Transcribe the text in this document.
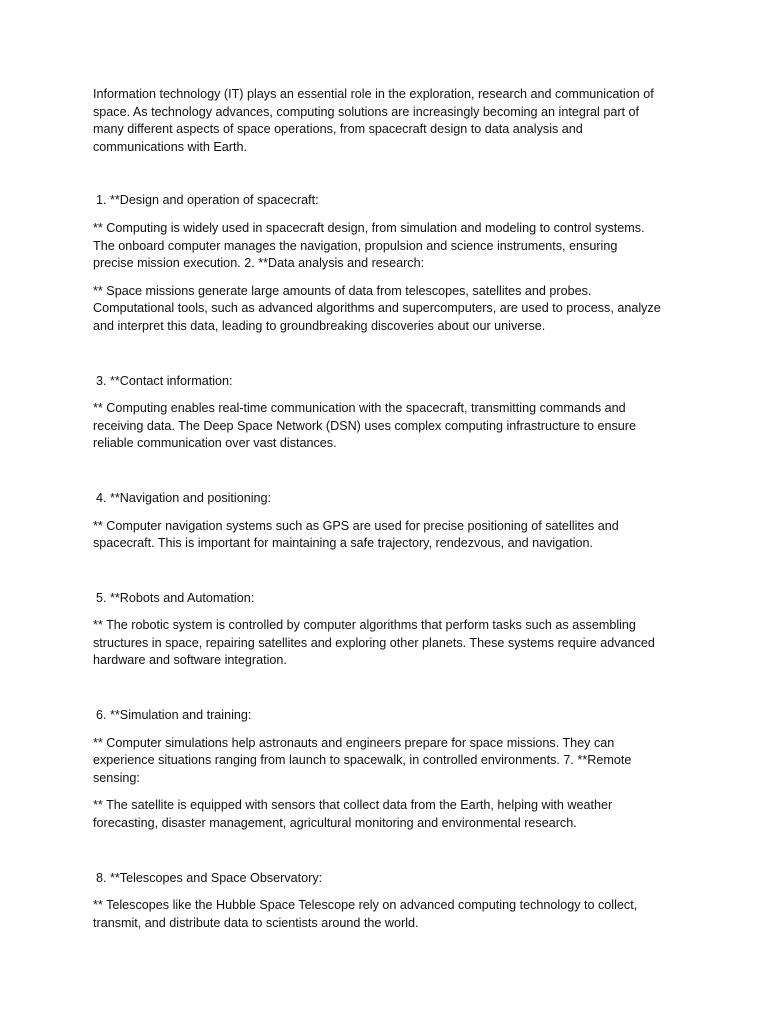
Information technology (IT) plays an essential role in the exploration, research and communication of
space. As technology advances, computing solutions are increasingly becoming an integral part of
many different aspects of space operations, from spacecraft design to data analysis and
communications with Earth.

1. **Design and operation of spacecraft:

** Computing is widely used in spacecraft design, from simulation and modeling to control systems.
The onboard computer manages the navigation, propulsion and science instruments, ensuring
precise mission execution. 2. **Data analysis and research:

** Space missions generate large amounts of data from telescopes, satellites and probes.
Computational tools, such as advanced algorithms and supercomputers, are used to process, analyze
and interpret this data, leading to groundbreaking discoveries about our universe.

3. **Contact information:

** Computing enables real-time communication with the spacecraft, transmitting commands and
receiving data. The Deep Space Network (DSN) uses complex computing infrastructure to ensure
reliable communication over vast distances.

4. **Navigation and positioning:

** Computer navigation systems such as GPS are used for precise positioning of satellites and
spacecraft. This is important for maintaining a safe trajectory, rendezvous, and navigation.

5. **Robots and Automation:

** The robotic system is controlled by computer algorithms that perform tasks such as assembling
structures in space, repairing satellites and exploring other planets. These systems require advanced
hardware and software integration.

6. **Simulation and training:

** Computer simulations help astronauts and engineers prepare for space missions. They can
experience situations ranging from launch to spacewalk, in controlled environments. 7. **Remote
sensing:

** The satellite is equipped with sensors that collect data from the Earth, helping with weather
forecasting, disaster management, agricultural monitoring and environmental research.

8. **Telescopes and Space Observatory:

** Telescopes like the Hubble Space Telescope rely on advanced computing technology to collect,
transmit, and distribute data to scientists around the world.
